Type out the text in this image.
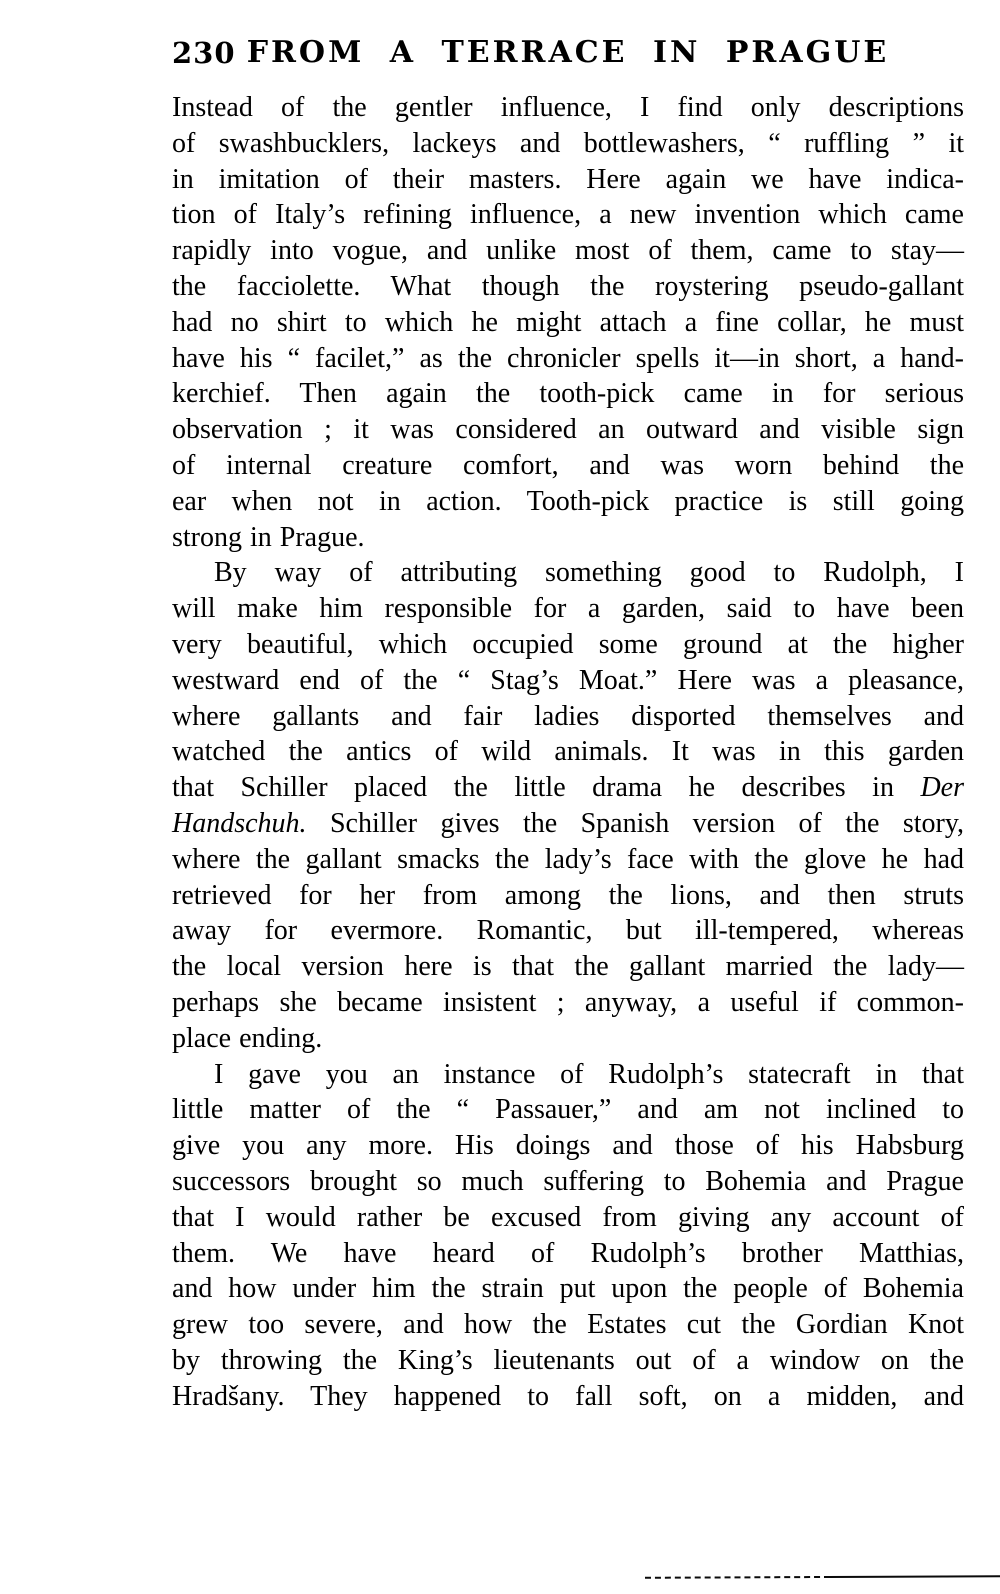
230 FROM A TERRACE IN PRAGUE
Instead of the gentler influence, I find only descriptions
of swashbucklers, lackeys and bottlewashers, “ ruffling ” it
in imitation of their masters. Here again we have indica-
tion of Italy’s refining influence, a new invention which came
rapidly into vogue, and unlike most of them, came to stay—
the facciolette. What though the roystering pseudo-gallant
had no shirt to which he might attach a fine collar, he must
have his “ facilet,” as the chronicler spells it—in short, a hand-
kerchief. Then again the tooth-pick came in for serious
observation ; it was considered an outward and visible sign
of internal creature comfort, and was worn behind the
ear when not in action. Tooth-pick practice is still going
strong in Prague.
By way of attributing something good to Rudolph, I
will make him responsible for a garden, said to have been
very beautiful, which occupied some ground at the higher
westward end of the “ Stag’s Moat.” Here was a pleasance,
where gallants and fair ladies disported themselves and
watched the antics of wild animals. It was in this garden
that Schiller placed the little drama he describes in Der
Handschuh. Schiller gives the Spanish version of the story,
where the gallant smacks the lady’s face with the glove he had
retrieved for her from among the lions, and then struts
away for evermore. Romantic, but ill-tempered, whereas
the local version here is that the gallant married the lady—
perhaps she became insistent ; anyway, a useful if common-
place ending.
I gave you an instance of Rudolph’s statecraft in that
little matter of the “ Passauer,” and am not inclined to
give you any more. His doings and those of his Habsburg
successors brought so much suffering to Bohemia and Prague
that I would rather be excused from giving any account of
them. We have heard of Rudolph’s brother Matthias,
and how under him the strain put upon the people of Bohemia
grew too severe, and how the Estates cut the Gordian Knot
by throwing the King’s lieutenants out of a window on the
Hradšany. They happened to fall soft, on a midden, and
